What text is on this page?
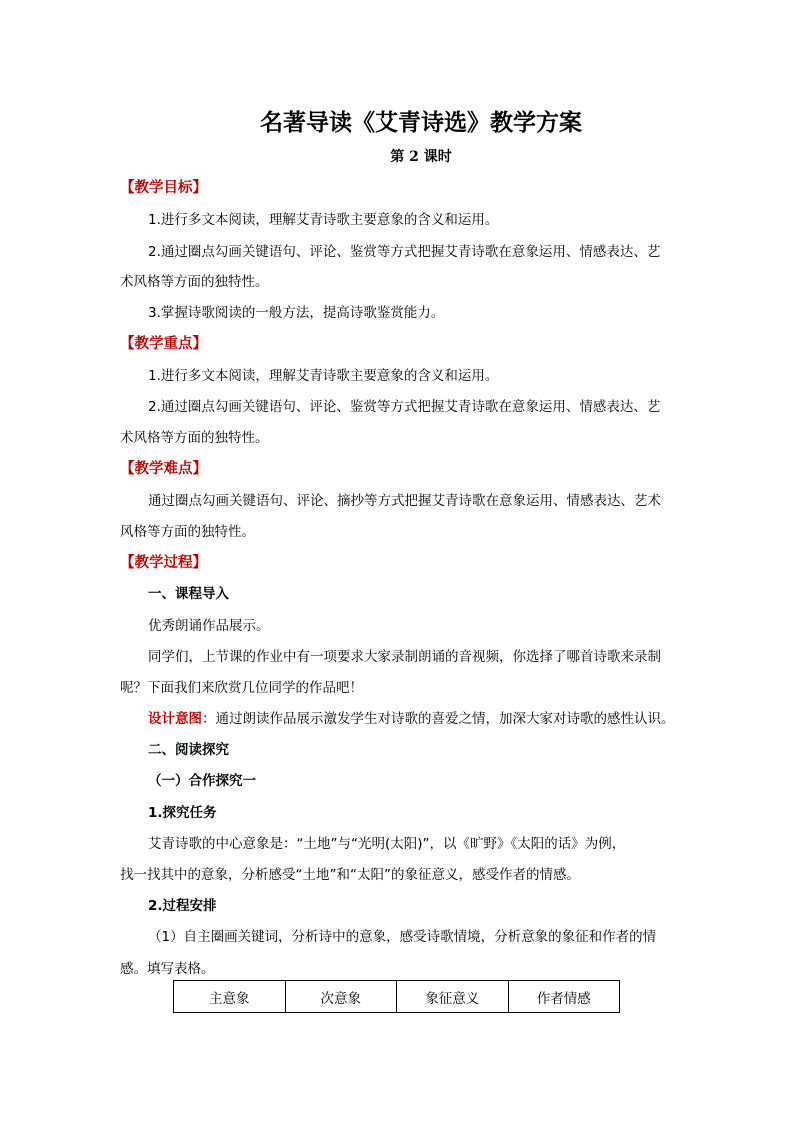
名著导读《艾青诗选》教学方案
第 2 课时
【教学目标】
1.进行多文本阅读，理解艾青诗歌主要意象的含义和运用。
2.通过圈点勾画关键语句、评论、鉴赏等方式把握艾青诗歌在意象运用、情感表达、艺
术风格等方面的独特性。
3.掌握诗歌阅读的一般方法，提高诗歌鉴赏能力。
【教学重点】
1.进行多文本阅读，理解艾青诗歌主要意象的含义和运用。
2.通过圈点勾画关键语句、评论、鉴赏等方式把握艾青诗歌在意象运用、情感表达、艺
术风格等方面的独特性。
【教学难点】
通过圈点勾画关键语句、评论、摘抄等方式把握艾青诗歌在意象运用、情感表达、艺术
风格等方面的独特性。
【教学过程】
一、课程导入
优秀朗诵作品展示。
同学们，上节课的作业中有一项要求大家录制朗诵的音视频，你选择了哪首诗歌来录制
呢？下面我们来欣赏几位同学的作品吧！
设计意图：通过朗读作品展示激发学生对诗歌的喜爱之情，加深大家对诗歌的感性认识。
二、阅读探究
（一）合作探究一
1.探究任务
艾青诗歌的中心意象是：“土地”与“光明(太阳)”，以《旷野》《太阳的话》为例，
找一找其中的意象，分析感受“土地”和“太阳”的象征意义，感受作者的情感。
2.过程安排
（1）自主圈画关键词，分析诗中的意象，感受诗歌情境，分析意象的象征和作者的情
感。填写表格。
主意象	次意象	象征意义	作者情感
